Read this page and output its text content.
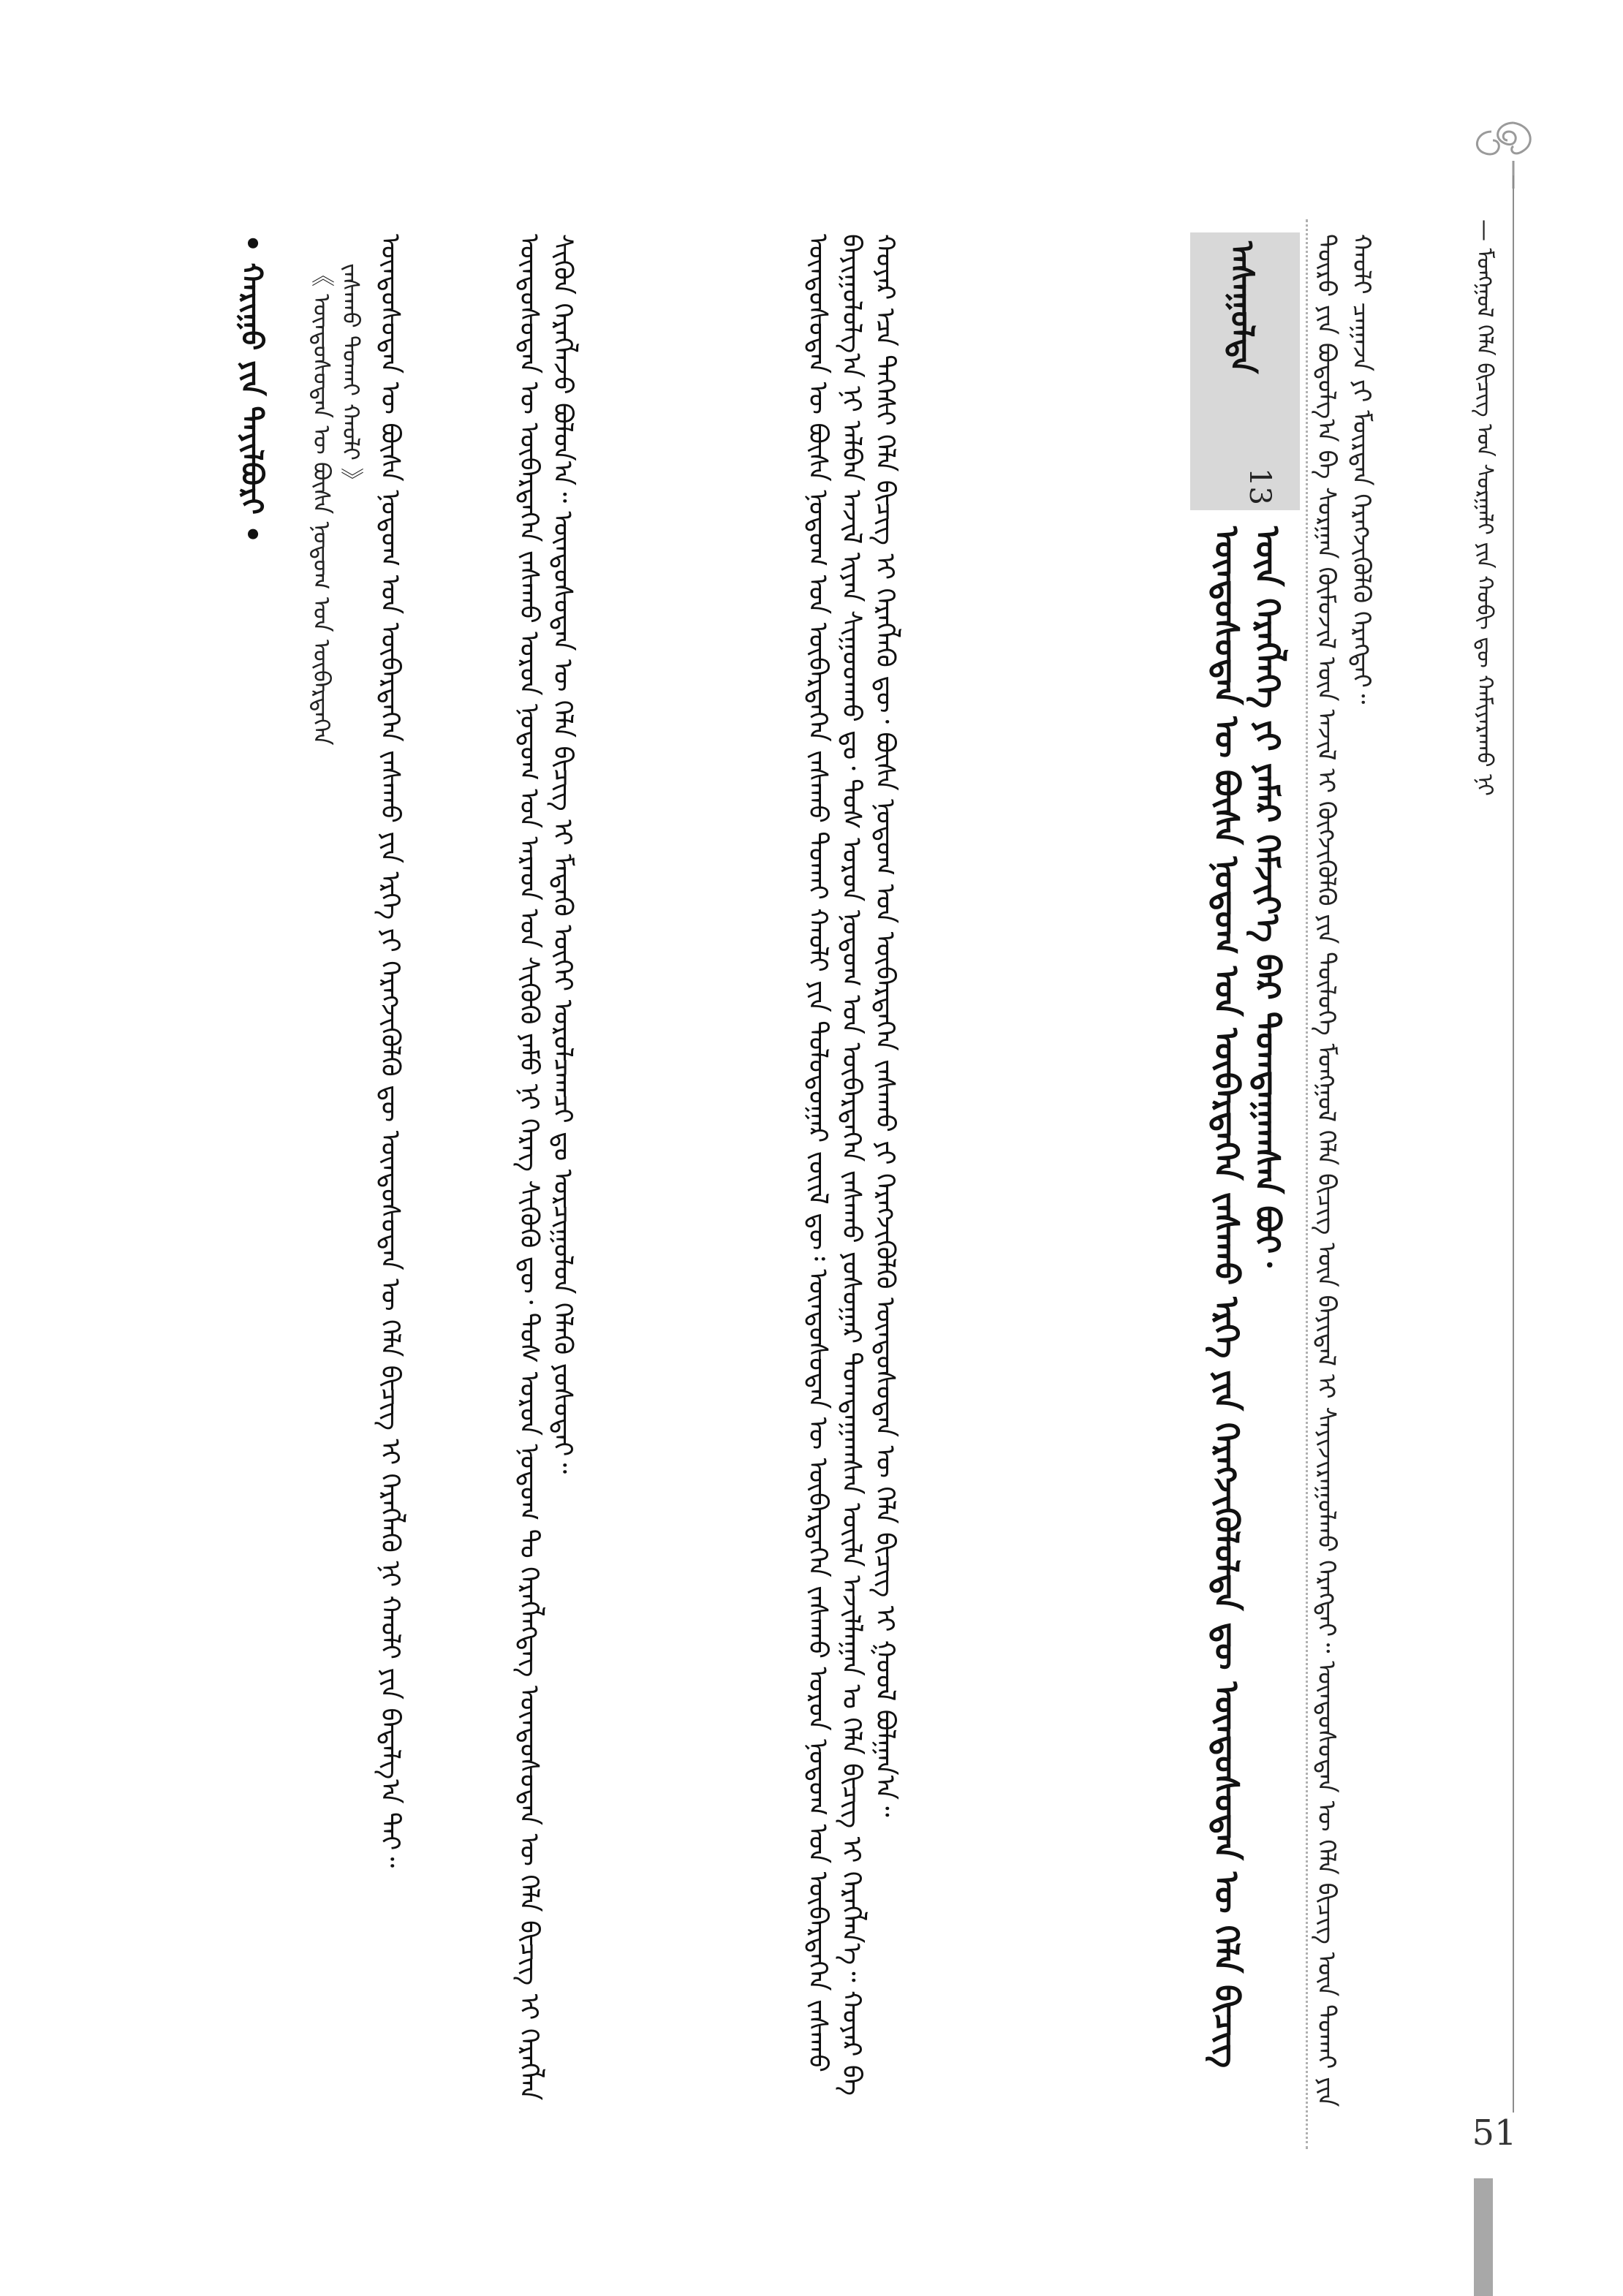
— ᠮᠣᠩᠭᠣᠯ ᠬᠡᠯᠡ ᠪᠢᠴᠢᠭ᠌ ᠤᠨ ᠰᠤᠷᠭᠠᠯᠢ ᠶᠢᠨ ᠬᠤᠪᠢ ᠳᠦ ᠬᠠᠮᠢᠶᠠᠷᠠᠬᠤ ᠨᠢ
ᠲᠦᠷᠦ ᠶᠢᠨ ᠪᠣᠳᠣᠯᠭ᠎ᠠ ᠪᠠ ᠰᠤᠷᠭᠠᠨ ᠬᠦᠮᠦᠵᠢᠯ ᠦᠨ ᠠᠵᠢᠯ ᠢ ᠬᠥᠭᠵᠢᠭᠦᠯᠬᠦ ᠶᠢᠨ ᠲᠥᠯᠦᠭᠡ ᠮᠣᠩᠭᠣᠯ ᠬᠡᠯᠡ ᠪᠢᠴᠢᠭ᠌ ᠦᠨ ᠪᠠᠶᠢᠳᠠᠯ ᠢ ᠰᠠᠶᠢᠵᠢᠷᠠᠭᠤᠯᠬᠤ ᠬᠡᠷᠡᠭᠲᠡᠢ᠃ ᠦᠨᠳᠦᠰᠦᠲᠡᠨ ᠦ ᠬᠡᠯᠡ ᠪᠢᠴᠢᠭ᠌ ᠦᠨ ᠲᠤᠬᠠᠢ ᠶᠢᠨ ᠬᠠᠤᠯᠢ ᠴᠠᠭᠠᠵᠠ ᠶᠢ ᠮᠥᠷᠳᠡᠨ ᠬᠡᠷᠡᠭᠵᠢᠭᠦᠯᠬᠦ ᠬᠡᠷᠡᠭᠲᠡᠢ᠃
ᠠᠰᠠᠭᠤᠯᠲᠠ
13
ᠦᠨᠳᠦᠰᠦᠲᠡᠨ ᠦ ᠪᠦᠰᠡ ᠨᠤᠲᠤᠭ ᠤᠨ ᠥᠪᠡᠷᠲᠡᠭᠡᠨ ᠵᠠᠰᠠᠬᠤ ᠡᠷᠬᠡ ᠶᠢᠨ ᠬᠡᠷᠡᠭᠵᠢᠭᠦᠯᠦᠯᠲᠡ ᠳᠦ ᠦᠨᠳᠦᠰᠦᠲᠡᠨ ᠦ ᠬᠡᠯᠡ ᠪᠢᠴᠢᠭ᠌ ᠦᠨ ᠬᠡᠷᠡᠭᠯᠡᠭᠡ ᠶᠢ ᠶᠠᠮᠠᠷ ᠬᠡᠮᠵᠢᠶ᠎ᠡ ᠪᠡᠷ ᠲᠣᠭᠲᠠᠭᠠᠭᠰᠠᠨ ᠪᠤᠢ᠂
ᠦᠨᠳᠦᠰᠦᠲᠡᠨ ᠦ ᠪᠦᠰᠡ ᠨᠤᠲᠤᠭ ᠤᠨ ᠥᠪᠡᠷᠲᠡᠭᠡᠨ ᠵᠠᠰᠠᠬᠤ ᠲᠤᠬᠠᠢ ᠬᠠᠤᠯᠢ ᠶᠢᠨ ᠳᠣᠯᠤᠳᠤᠭᠠᠷ ᠵᠦᠢᠯ ᠳᠦ᠄ ᠦᠨᠳᠦᠰᠦᠲᠡᠨ ᠦ ᠥᠪᠡᠷᠲᠡᠭᠡᠨ ᠵᠠᠰᠠᠬᠤ ᠣᠷᠣᠨ ᠨᠤᠲᠤᠭ ᠤᠨ ᠥᠪᠡᠷᠲᠡᠭᠡᠨ ᠵᠠᠰᠠᠬᠤ ᠪᠠᠶᠢᠭᠤᠯᠤᠯᠭ᠎ᠠ ᠨᠢ ᠠᠯᠪᠠᠨ ᠠᠵᠢᠯ ᠢᠶᠠᠨ ᠰᠢᠭᠤᠳᠬᠤ ᠳᠤ᠂ ᠲᠤᠰ ᠣᠷᠣᠨ ᠨᠤᠲᠤᠭ ᠤᠨ ᠥᠪᠡᠷᠲᠡᠭᠡᠨ ᠵᠠᠰᠠᠬᠤ ᠶᠣᠰᠣᠭᠠᠷ ᠲᠣᠭᠲᠠᠭᠠᠭᠰᠠᠨ ᠦᠢᠯᠡ ᠠᠵᠢᠯᠯᠠᠭᠠᠨ ᠤ ᠬᠡᠯᠡ ᠪᠢᠴᠢᠭ᠌ ᠢ ᠬᠡᠷᠡᠭᠯᠡᠨ᠎ᠡ᠃ ᠬᠣᠶᠠᠷ ᠪᠠ ᠬᠣᠶᠠᠷ ᠡᠴᠡ ᠳᠡᠭᠡᠰᠢ ᠬᠡᠯᠡ ᠪᠢᠴᠢᠭ᠌ ᠢ ᠬᠡᠷᠡᠭᠯᠡᠬᠦ ᠳᠦ᠂ ᠪᠦᠰᠡ ᠨᠤᠲᠤᠭ ᠤᠨ ᠥᠪᠡᠷᠲᠡᠭᠡᠨ ᠵᠠᠰᠠᠬᠤ ᠶᠢ ᠬᠡᠷᠡᠭᠵᠢᠭᠦᠯᠬᠦ ᠦᠨᠳᠦᠰᠦᠲᠡᠨ ᠦ ᠬᠡᠯᠡ ᠪᠢᠴᠢᠭ᠌ ᠢ ᠭᠣᠣᠯ ᠪᠣᠯᠭᠠᠨ᠎ᠠ᠃
ᠦᠨᠳᠦᠰᠦᠲᠡᠨ ᠦ ᠥᠪᠡᠷᠲᠡᠭᠡᠨ ᠵᠠᠰᠠᠬᠤ ᠣᠷᠣᠨ ᠨᠤᠲᠤᠭ ᠤᠨ ᠠᠷᠠᠳ ᠤᠨ ᠰᠢᠭᠦᠬᠦ ᠶᠠᠮᠤ ᠨᠢ ᠬᠡᠷᠡᠭ ᠰᠢᠭᠦᠬᠦ ᠳᠦ᠂ ᠲᠤᠰ ᠣᠷᠣᠨ ᠨᠤᠲᠤᠭ ᠲᠤ ᠬᠡᠷᠡᠭᠯᠡᠭᠳᠡᠭ ᠦᠨᠳᠦᠰᠦᠲᠡᠨ ᠦ ᠬᠡᠯᠡ ᠪᠢᠴᠢᠭ᠌ ᠢ ᠬᠡᠷᠡᠭᠯᠡᠨ ᠰᠢᠭᠦᠨ ᠬᠡᠷᠡᠭᠯᠡᠵᠦ ᠪᠣᠯᠣᠨ᠎ᠠ᠃ ᠦᠨᠳᠦᠰᠦᠲᠡᠨ ᠦ ᠬᠡᠯᠡ ᠪᠢᠴᠢᠭ᠌ ᠢ ᠮᠡᠳᠡᠬᠦ ᠦᠭᠡᠢ ᠣᠷᠣᠯᠴᠠᠭᠴᠢ ᠳᠤ ᠣᠷᠴᠢᠭᠤᠯᠤᠨ ᠬᠡᠯᠡᠬᠦ ᠶᠣᠰᠣᠲᠠᠢ᠃
ᠦᠨᠳᠦᠰᠦᠲᠡᠨ ᠦ ᠪᠦᠰᠡ ᠨᠤᠲᠤᠭ ᠤᠨ ᠥᠪᠡᠷᠲᠡᠭᠡᠨ ᠵᠠᠰᠠᠬᠤ ᠶᠢᠨ ᠡᠷᠬᠡ ᠶᠢ ᠬᠡᠷᠡᠭᠵᠢᠭᠦᠯᠬᠦ ᠳᠦ ᠦᠨᠳᠦᠰᠦᠲᠡᠨ ᠦ ᠬᠡᠯᠡ ᠪᠢᠴᠢᠭ᠌ ᠢ ᠬᠡᠷᠡᠭᠯᠡᠬᠦ ᠨᠢ ᠬᠠᠤᠯᠢ ᠶᠢᠨ ᠪᠠᠲᠠᠯᠭ᠎ᠠ ᠲᠠᠢ᠃
《 ᠦᠨᠳᠦᠰᠦᠲᠡᠨ ᠦ ᠪᠦᠰᠡ ᠨᠤᠲᠤᠭ ᠤᠨ ᠥᠪᠡᠷᠲᠡᠭᠡᠨ ᠵᠠᠰᠠᠬᠤ ᠲᠤᠬᠠᠢ ᠬᠠᠤᠯᠢ 》
• ᠬᠠᠷᠢᠭᠤ ᠶᠢᠨ ᠲᠠᠶᠢᠯᠪᠤᠷᠢ •
51
